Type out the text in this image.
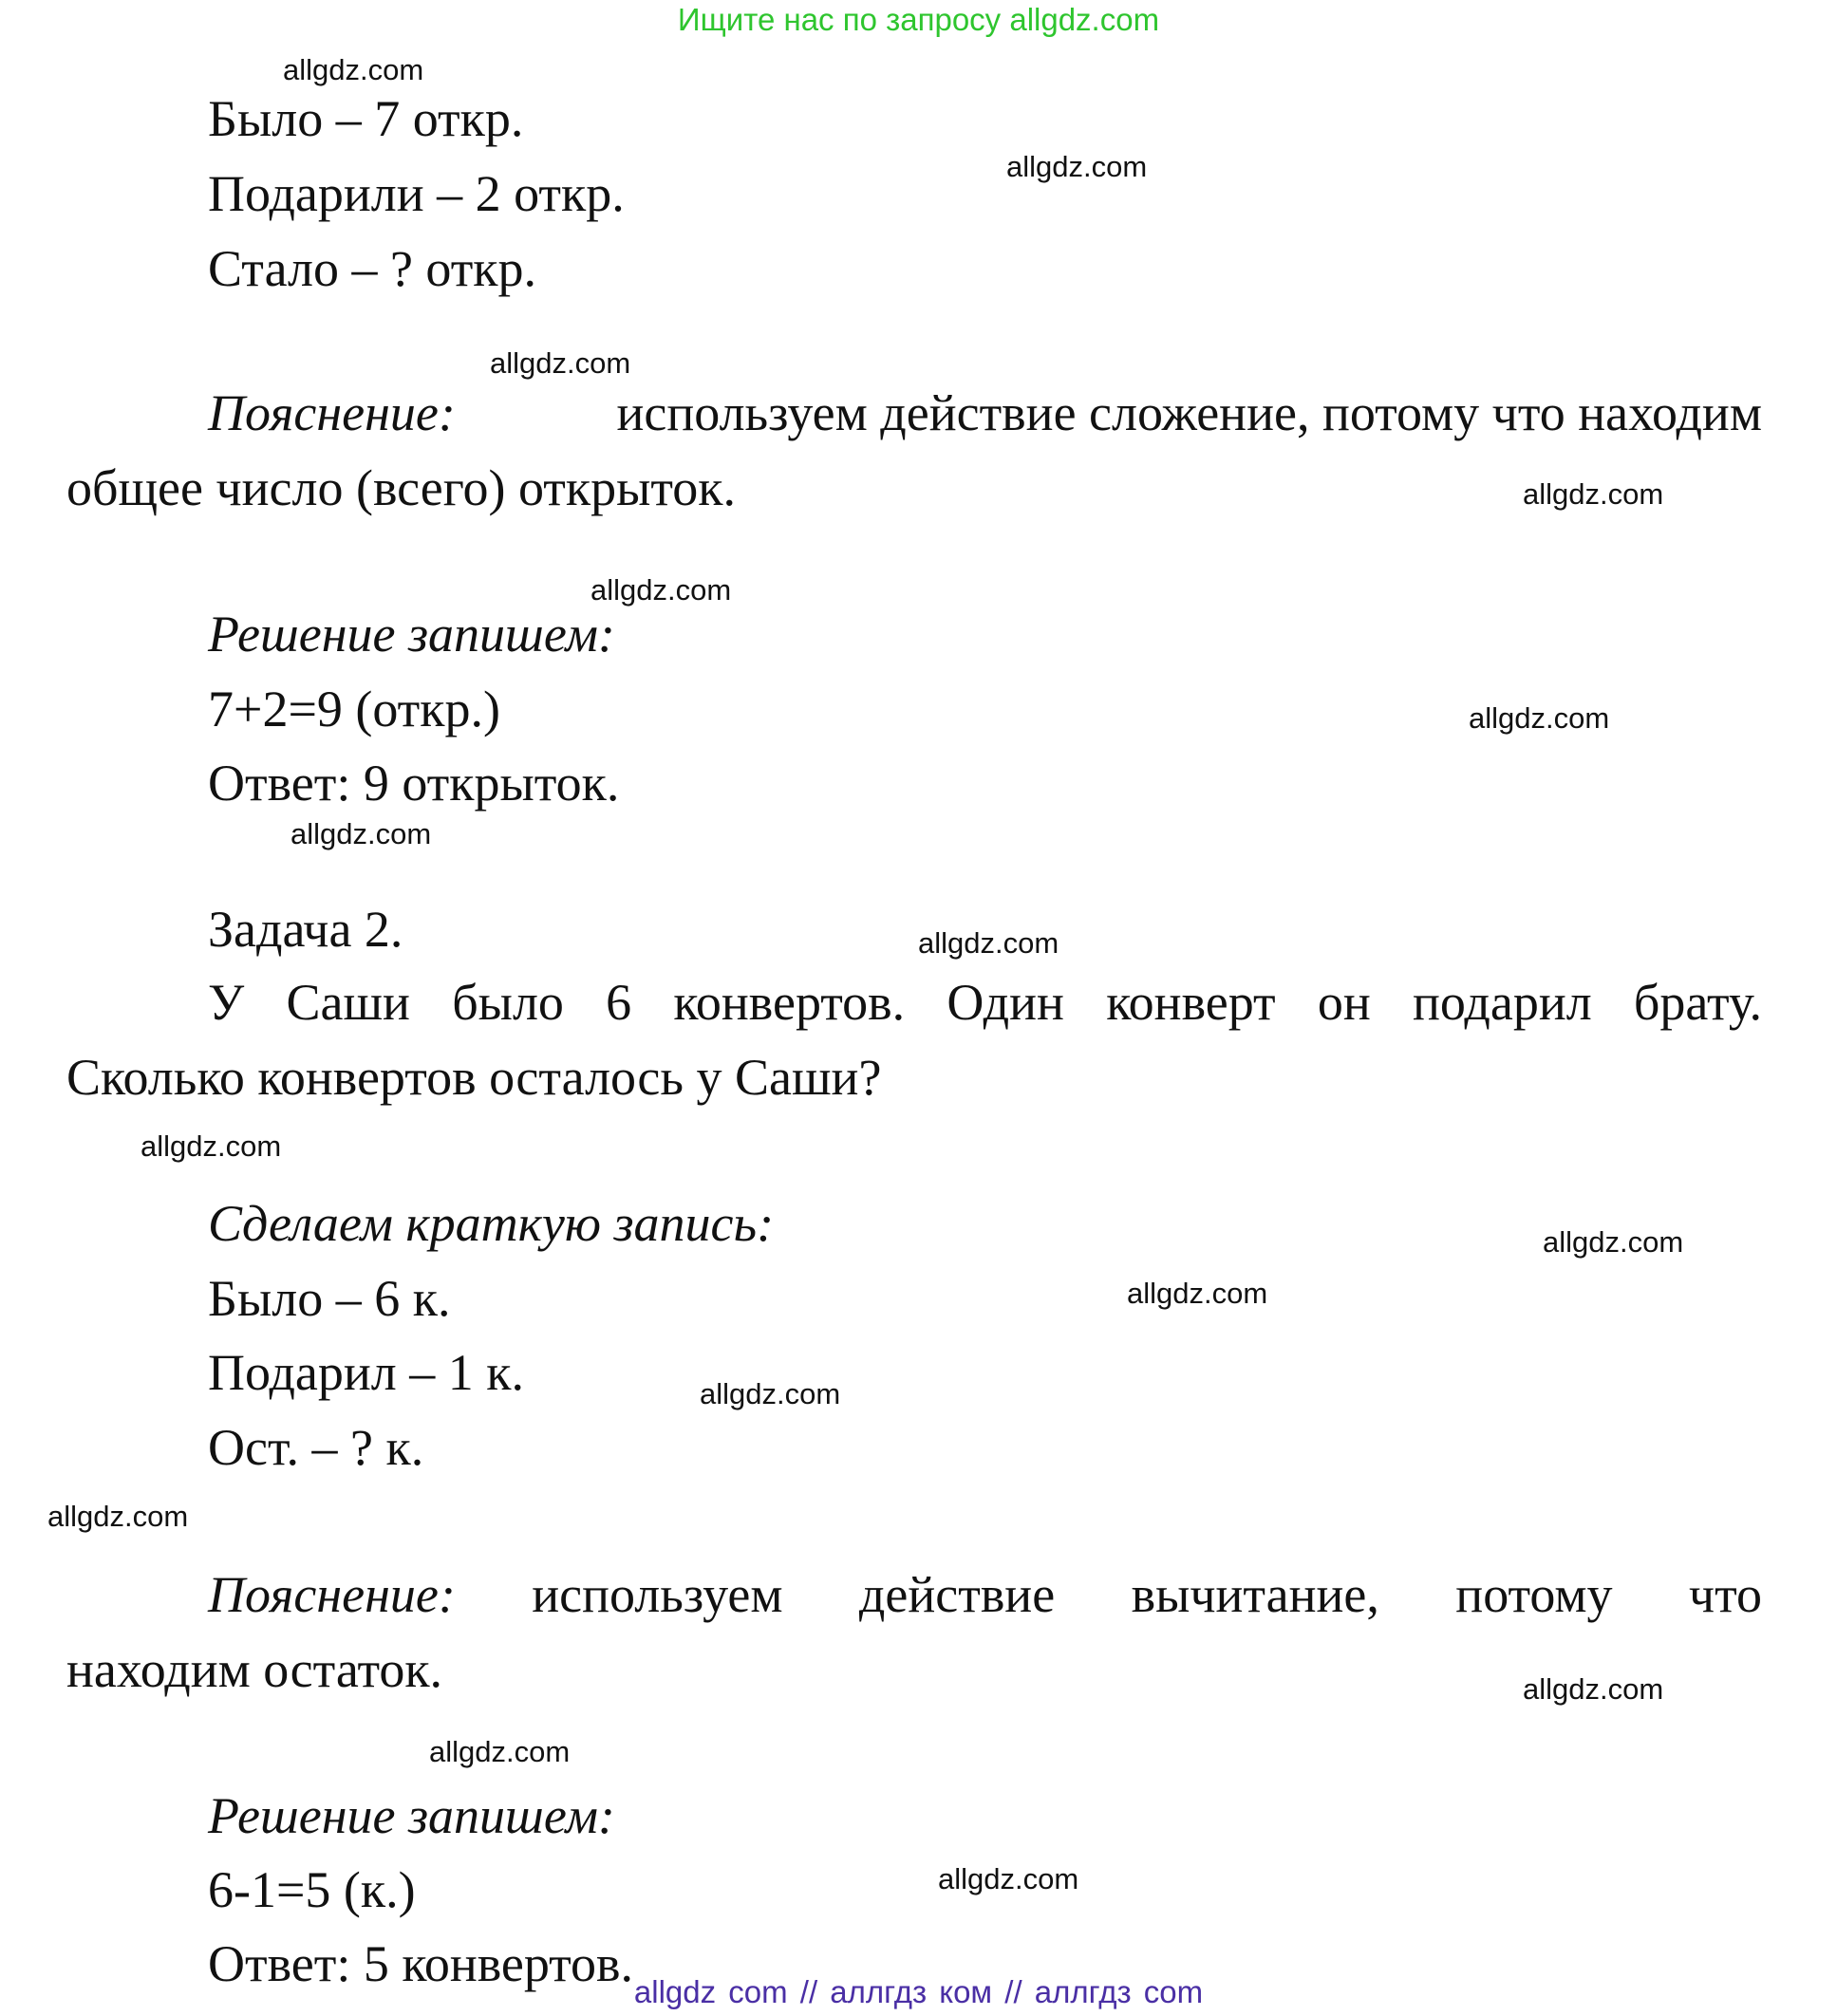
Ищите нас по запросу allgdz.com
allgdz.com
allgdz.com
allgdz.com
allgdz.com
allgdz.com
allgdz.com
allgdz.com
allgdz.com
allgdz.com
allgdz.com
allgdz.com
allgdz.com
allgdz.com
allgdz.com
allgdz.com
allgdz.com
Было – 7 откр.
Подарили – 2 откр.
Стало – ? откр.
Пояснение:	используем действие сложение, потому что находим
общее число (всего) открыток.
Решение запишем:
7+2=9 (откр.)
Ответ: 9 открыток.
Задача 2.
У Саши было 6 конвертов. Один конверт он подарил брату.
Сколько конвертов осталось у Саши?
Сделаем краткую запись:
Было – 6 к.
Подарил – 1 к.
Ост. – ? к.
Пояснение: используем действие вычитание, потому что
находим остаток.
Решение запишем:
6-1=5 (к.)
Ответ: 5 конвертов. allgdz com // аллгдз ком // аллгдз com
